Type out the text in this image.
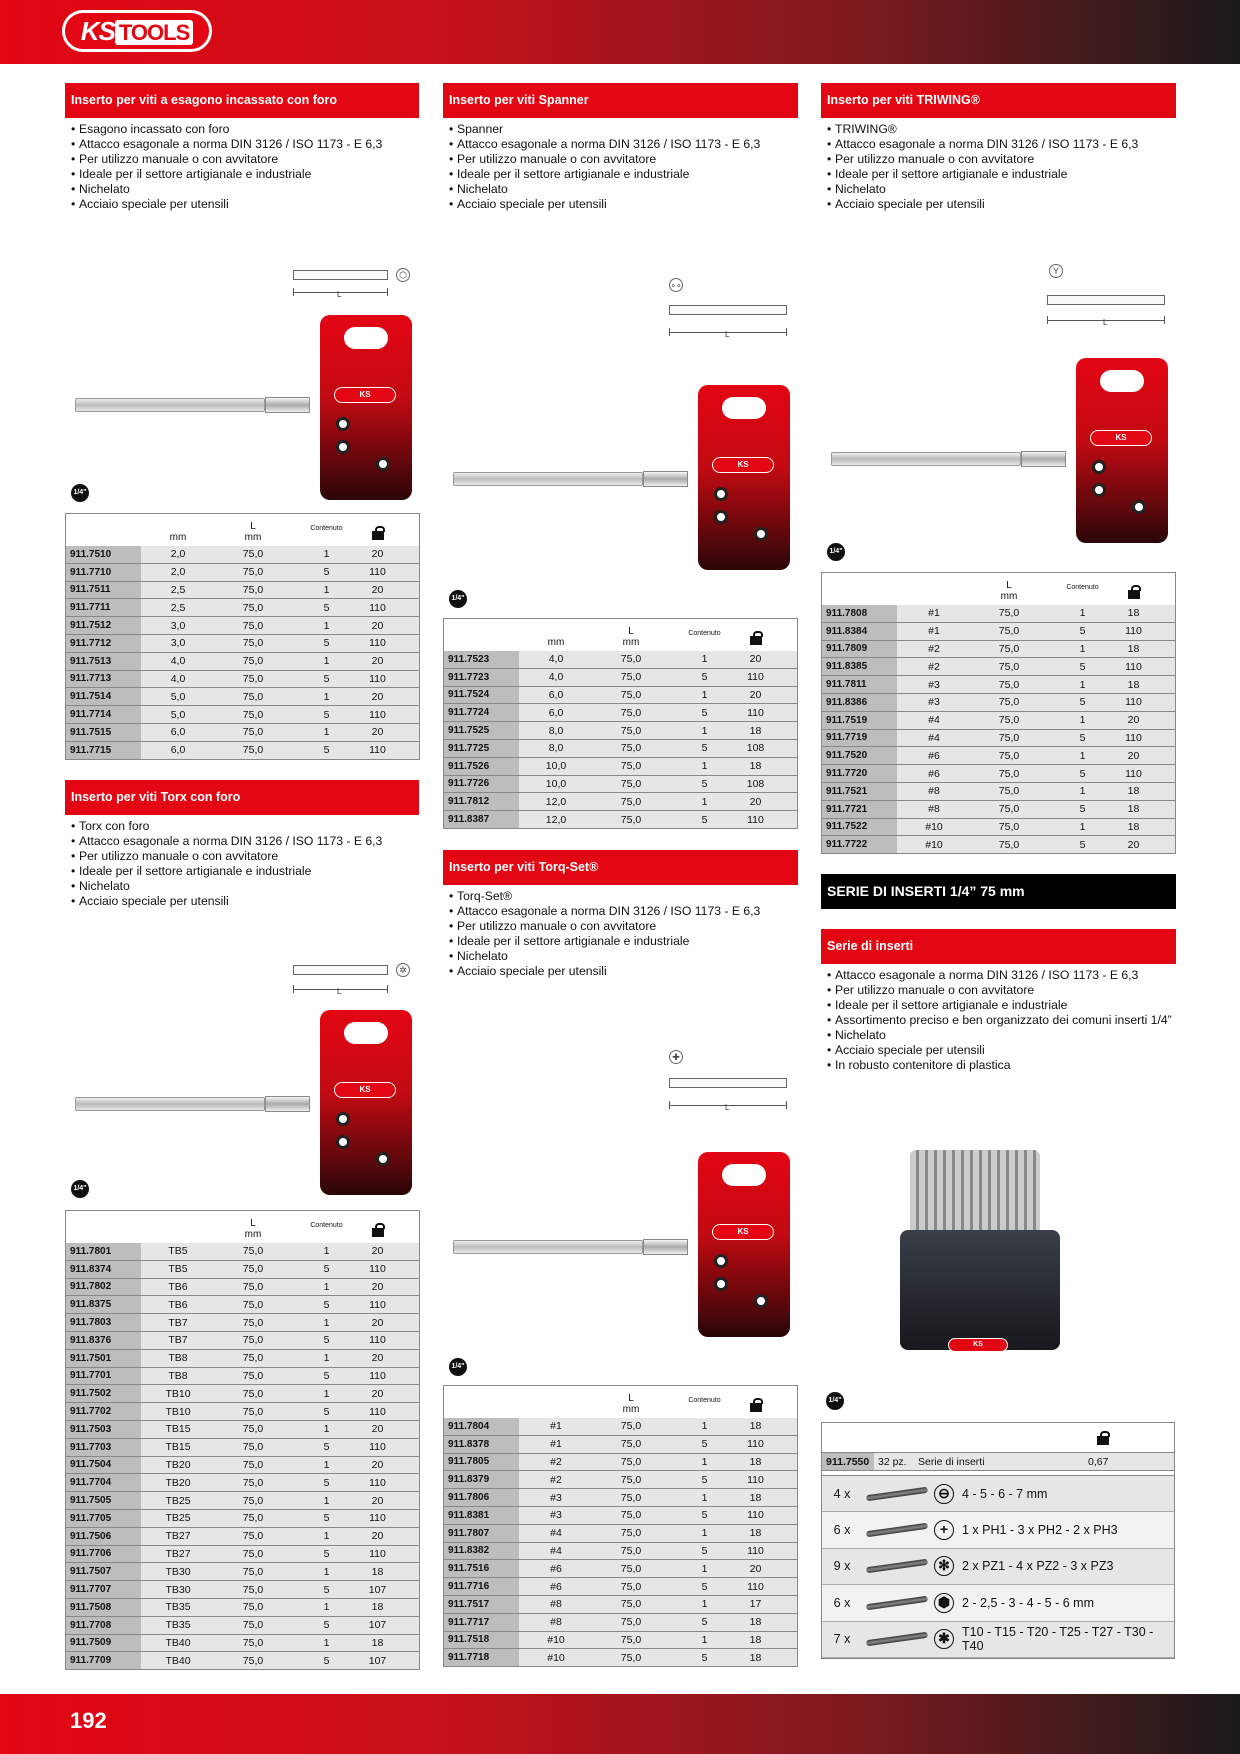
KS TOOLS
Inserto per viti a esagono incassato con foro
• Esagono incassato con foro
• Attacco esagonale a norma DIN 3126 / ISO 1173 - E 6,3
• Per utilizzo manuale o con avvitatore
• Ideale per il settore artigianale e industriale
• Nichelato
• Acciaio speciale per utensili
⬡
L
KS
1/4"
	mm	L
mm	Contenuto		
911.7510	2,0	75,0	1	20	
911.7710	2,0	75,0	5	110	
911.7511	2,5	75,0	1	20	
911.7711	2,5	75,0	5	110	
911.7512	3,0	75,0	1	20	
911.7712	3,0	75,0	5	110	
911.7513	4,0	75,0	1	20	
911.7713	4,0	75,0	5	110	
911.7514	5,0	75,0	1	20	
911.7714	5,0	75,0	5	110	
911.7515	6,0	75,0	1	20	
911.7715	6,0	75,0	5	110	
Inserto per viti Spanner
• Spanner
• Attacco esagonale a norma DIN 3126 / ISO 1173 - E 6,3
• Per utilizzo manuale o con avvitatore
• Ideale per il settore artigianale e industriale
• Nichelato
• Acciaio speciale per utensili
∘∘
L
KS
1/4"
	mm	L
mm	Contenuto		
911.7523	4,0	75,0	1	20	
911.7723	4,0	75,0	5	110	
911.7524	6,0	75,0	1	20	
911.7724	6,0	75,0	5	110	
911.7525	8,0	75,0	1	18	
911.7725	8,0	75,0	5	108	
911.7526	10,0	75,0	1	18	
911.7726	10,0	75,0	5	108	
911.7812	12,0	75,0	1	20	
911.8387	12,0	75,0	5	110	
Inserto per viti TRIWING®
• TRIWING®
• Attacco esagonale a norma DIN 3126 / ISO 1173 - E 6,3
• Per utilizzo manuale o con avvitatore
• Ideale per il settore artigianale e industriale
• Nichelato
• Acciaio speciale per utensili
Y
L
KS
1/4"
		L
mm	Contenuto		
911.7808	#1	75,0	1	18	
911.8384	#1	75,0	5	110	
911.7809	#2	75,0	1	18	
911.8385	#2	75,0	5	110	
911.7811	#3	75,0	1	18	
911.8386	#3	75,0	5	110	
911.7519	#4	75,0	1	20	
911.7719	#4	75,0	5	110	
911.7520	#6	75,0	1	20	
911.7720	#6	75,0	5	110	
911.7521	#8	75,0	1	18	
911.7721	#8	75,0	5	18	
911.7522	#10	75,0	1	18	
911.7722	#10	75,0	5	20	
Inserto per viti Torx con foro
• Torx con foro
• Attacco esagonale a norma DIN 3126 / ISO 1173 - E 6,3
• Per utilizzo manuale o con avvitatore
• Ideale per il settore artigianale e industriale
• Nichelato
• Acciaio speciale per utensili
✲
L
KS
1/4"
		L
mm	Contenuto		
911.7801	TB5	75,0	1	20	
911.8374	TB5	75,0	5	110	
911.7802	TB6	75,0	1	20	
911.8375	TB6	75,0	5	110	
911.7803	TB7	75,0	1	20	
911.8376	TB7	75,0	5	110	
911.7501	TB8	75,0	1	20	
911.7701	TB8	75,0	5	110	
911.7502	TB10	75,0	1	20	
911.7702	TB10	75,0	5	110	
911.7503	TB15	75,0	1	20	
911.7703	TB15	75,0	5	110	
911.7504	TB20	75,0	1	20	
911.7704	TB20	75,0	5	110	
911.7505	TB25	75,0	1	20	
911.7705	TB25	75,0	5	110	
911.7506	TB27	75,0	1	20	
911.7706	TB27	75,0	5	110	
911.7507	TB30	75,0	1	18	
911.7707	TB30	75,0	5	107	
911.7508	TB35	75,0	1	18	
911.7708	TB35	75,0	5	107	
911.7509	TB40	75,0	1	18	
911.7709	TB40	75,0	5	107	
Inserto per viti Torq-Set®
• Torq-Set®
• Attacco esagonale a norma DIN 3126 / ISO 1173 - E 6,3
• Per utilizzo manuale o con avvitatore
• Ideale per il settore artigianale e industriale
• Nichelato
• Acciaio speciale per utensili
✚
L
KS
1/4"
		L
mm	Contenuto		
911.7804	#1	75,0	1	18	
911.8378	#1	75,0	5	110	
911.7805	#2	75,0	1	18	
911.8379	#2	75,0	5	110	
911.7806	#3	75,0	1	18	
911.8381	#3	75,0	5	110	
911.7807	#4	75,0	1	18	
911.8382	#4	75,0	5	110	
911.7516	#6	75,0	1	20	
911.7716	#6	75,0	5	110	
911.7517	#8	75,0	1	17	
911.7717	#8	75,0	5	18	
911.7518	#10	75,0	1	18	
911.7718	#10	75,0	5	18	
SERIE DI INSERTI 1/4” 75 mm
Serie di inserti
• Attacco esagonale a norma DIN 3126 / ISO 1173 - E 6,3
• Per utilizzo manuale o con avvitatore
• Ideale per il settore artigianale e industriale
• Assortimento preciso e ben organizzato dei comuni inserti 1/4”
• Nichelato
• Acciaio speciale per utensili
• In robusto contenitore di plastica
KS
1/4"
911.7550 32 pz.	Serie di inserti	0,67
4 x	⊖ 4 - 5 - 6 - 7 mm
6 x	+	1 x PH1 - 3 x PH2 - 2 x PH3
9 x	✻ 2 x PZ1 - 4 x PZ2 - 3 x PZ3
6 x	⬢ 2 - 2,5 - 3 - 4 - 5 - 6 mm
7 x	✱ T10 - T15 - T20 - T25 - T27 - T30 - T40
192
